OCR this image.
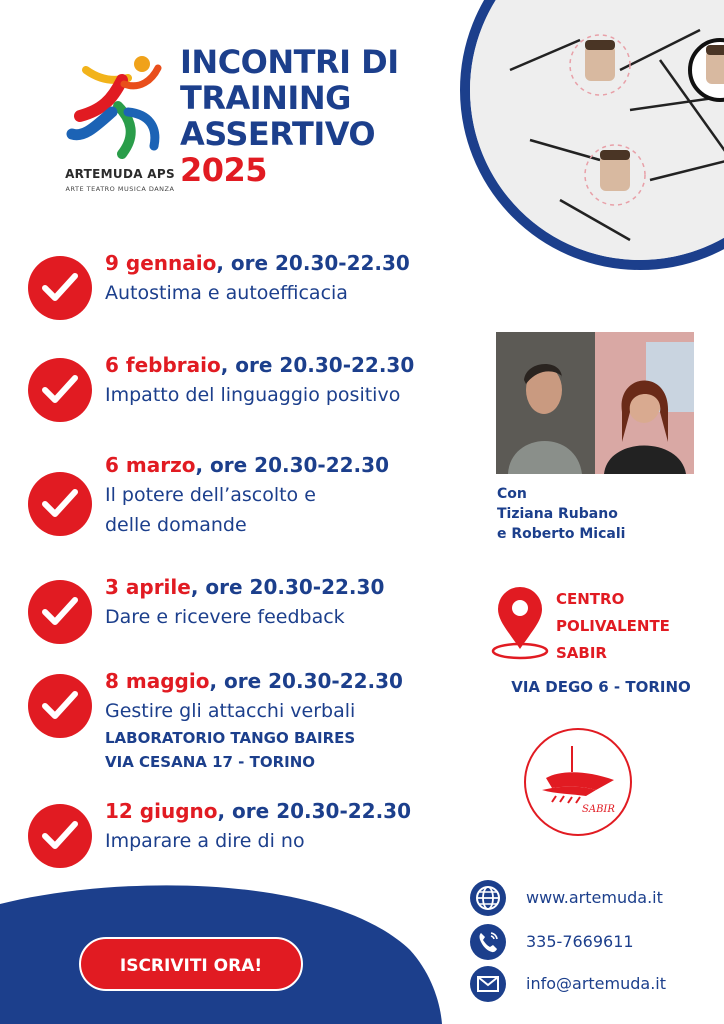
ARTEMUDA APS
ARTE TEATRO MUSICA DANZA
INCONTRI DI
TRAINING
ASSERTIVO
2025
9 gennaio, ore 20.30-22.30
Autostima e autoefficacia
6 febbraio, ore 20.30-22.30
Impatto del linguaggio positivo
6 marzo, ore 20.30-22.30
Il potere dell’ascolto e
delle domande
3 aprile, ore 20.30-22.30
Dare e ricevere feedback
8 maggio, ore 20.30-22.30
Gestire gli attacchi verbali
LABORATORIO TANGO BAIRES
VIA CESANA 17 - TORINO
12 giugno, ore 20.30-22.30
Imparare a dire di no
Con
Tiziana Rubano
e Roberto Micali
CENTRO
POLIVALENTE
SABIR
VIA DEGO 6 - TORINO
SABIR
ISCRIVITI ORA!
www.artemuda.it
335-7669611
info@artemuda.it
